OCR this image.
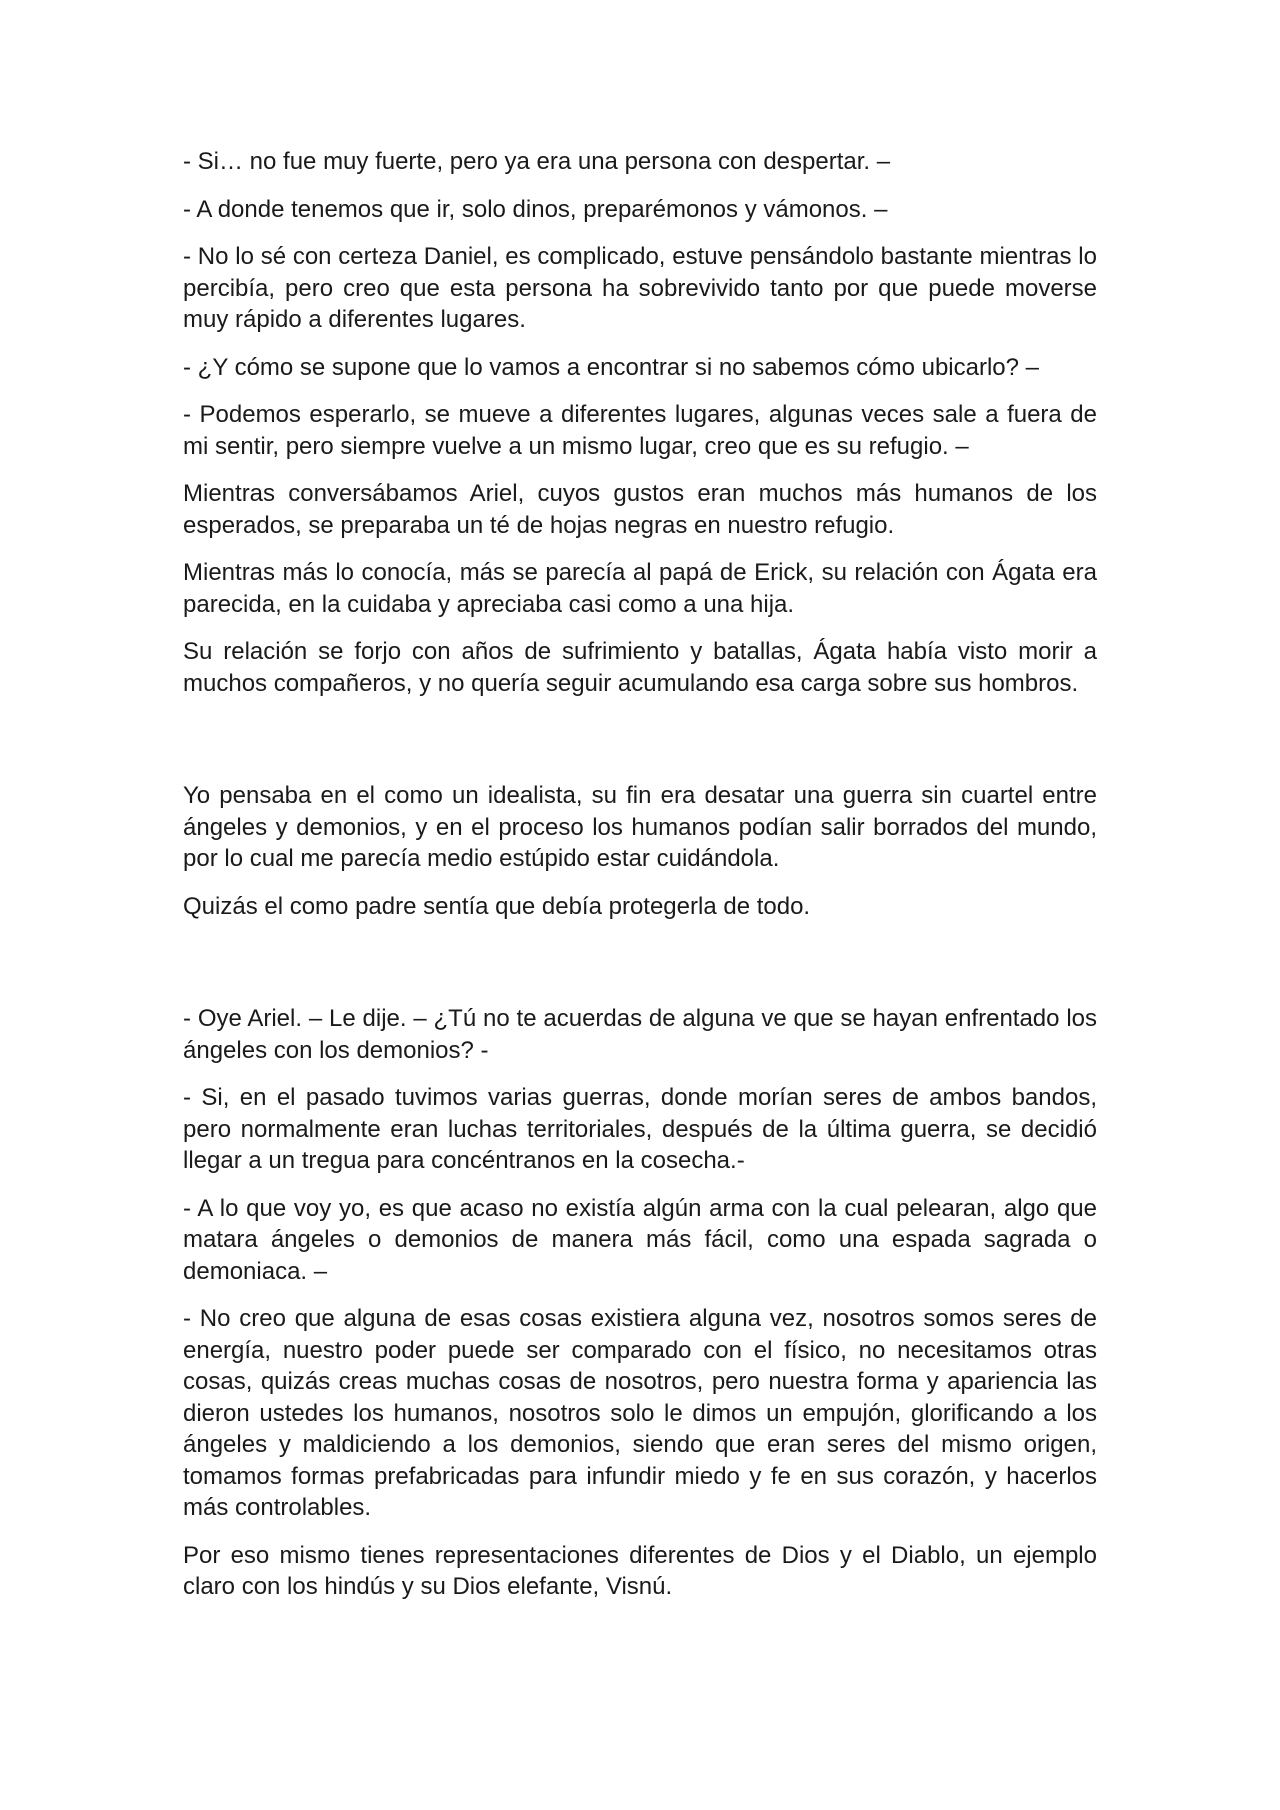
- Si… no fue muy fuerte, pero ya era una persona con despertar. –

- A donde tenemos que ir, solo dinos, preparémonos y vámonos. –

- No lo sé con certeza Daniel, es complicado, estuve pensándolo bastante mientras lo percibía, pero creo que esta persona ha sobrevivido tanto por que puede moverse muy rápido a diferentes lugares.

- ¿Y cómo se supone que lo vamos a encontrar si no sabemos cómo ubicarlo? –

- Podemos esperarlo, se mueve a diferentes lugares, algunas veces sale a fuera de mi sentir, pero siempre vuelve a un mismo lugar, creo que es su refugio. –

Mientras conversábamos Ariel, cuyos gustos eran muchos más humanos de los esperados, se preparaba un té de hojas negras en nuestro refugio.

Mientras más lo conocía, más se parecía al papá de Erick, su relación con Ágata era parecida, en la cuidaba y apreciaba casi como a una hija.

Su relación se forjo con años de sufrimiento y batallas, Ágata había visto morir a muchos compañeros, y no quería seguir acumulando esa carga sobre sus hombros.

Yo pensaba en el como un idealista, su fin era desatar una guerra sin cuartel entre ángeles y demonios, y en el proceso los humanos podían salir borrados del mundo, por lo cual me parecía medio estúpido estar cuidándola.

Quizás el como padre sentía que debía protegerla de todo.

- Oye Ariel. – Le dije. – ¿Tú no te acuerdas de alguna ve que se hayan enfrentado los ángeles con los demonios? -

- Si, en el pasado tuvimos varias guerras, donde morían seres de ambos bandos, pero normalmente eran luchas territoriales, después de la última guerra, se decidió llegar a un tregua para concéntranos en la cosecha.-

- A lo que voy yo, es que acaso no existía algún arma con la cual pelearan, algo que matara ángeles o demonios de manera más fácil, como una espada sagrada o demoniaca. –

- No creo que alguna de esas cosas existiera alguna vez, nosotros somos seres de energía, nuestro poder puede ser comparado con el físico, no necesitamos otras cosas, quizás creas muchas cosas de nosotros, pero nuestra forma y apariencia las dieron ustedes los humanos, nosotros solo le dimos un empujón, glorificando a los ángeles y maldiciendo a los demonios, siendo que eran seres del mismo origen, tomamos formas prefabricadas para infundir miedo y fe en sus corazón, y hacerlos más controlables.

Por eso mismo tienes representaciones diferentes de Dios y el Diablo, un ejemplo claro con los hindús y su Dios elefante, Visnú.
